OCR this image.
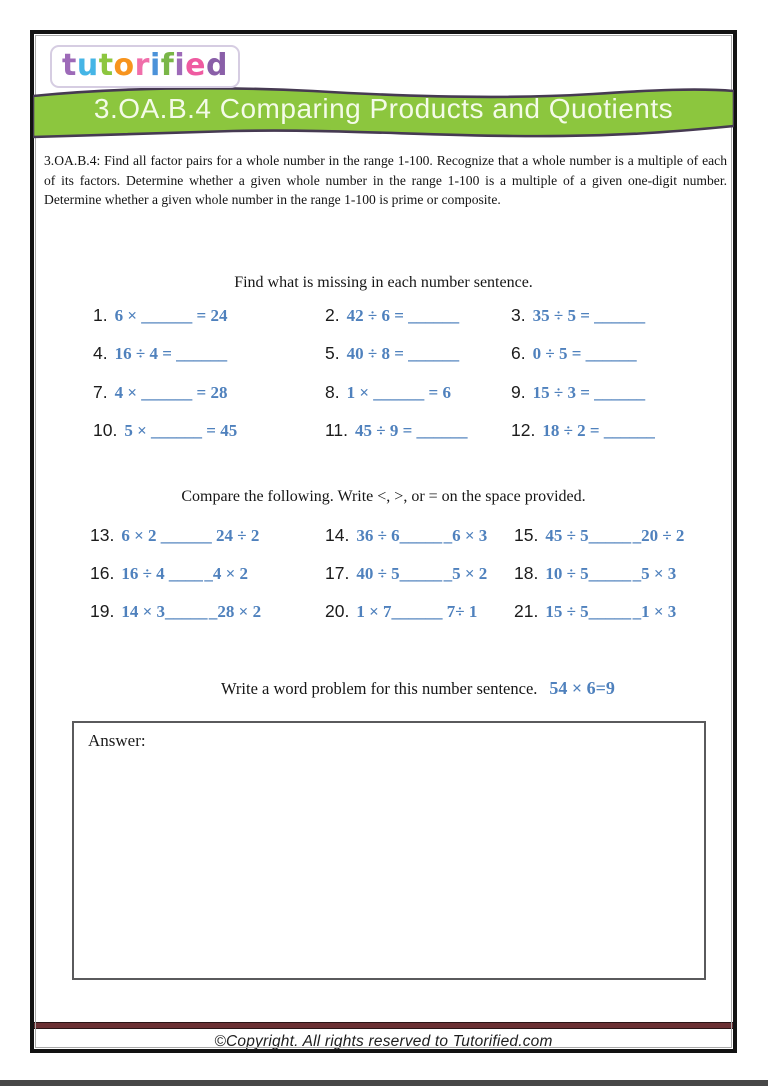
tutorified
3.OA.B.4 Comparing Products and Quotients
3.OA.B.4: Find all factor pairs for a whole number in the range 1-100. Recognize that a whole number is a multiple of each of its factors. Determine whether a given whole number in the range 1-100 is a multiple of a given one-digit number. Determine whether a given whole number in the range 1-100 is prime or composite.
Find what is missing in each number sentence.
1. 6 × ______ = 24	2. 42 ÷ 6 = ______	3. 35 ÷ 5 = ______
4. 16 ÷ 4 = ______	5. 40 ÷ 8 = ______	6. 0 ÷ 5 = ______
7. 4 × ______ = 28	8. 1 × ______ = 6	9. 15 ÷ 3 = ______
10. 5 × ______ = 45	11. 45 ÷ 9 = ______ 12. 18 ÷ 2 = ______
Compare the following. Write <, >, or = on the space provided.
13. 6 × 2 ______ 24 ÷ 2	14. 36 ÷ 6_____ _6 × 3 15. 45 ÷ 5_____ _20 ÷ 2
16. 16 ÷ 4 ____ _4 × 2	17. 40 ÷ 5_____ _5 × 2 18. 10 ÷ 5_____ _5 × 3
19. 14 × 3_____ _28 × 2	20. 1 × 7______ 7÷ 1 21. 15 ÷ 5_____ _1 × 3
Write a word problem for this number sentence. 54 × 6=9
Answer:
©Copyright. All rights reserved to Tutorified.com
